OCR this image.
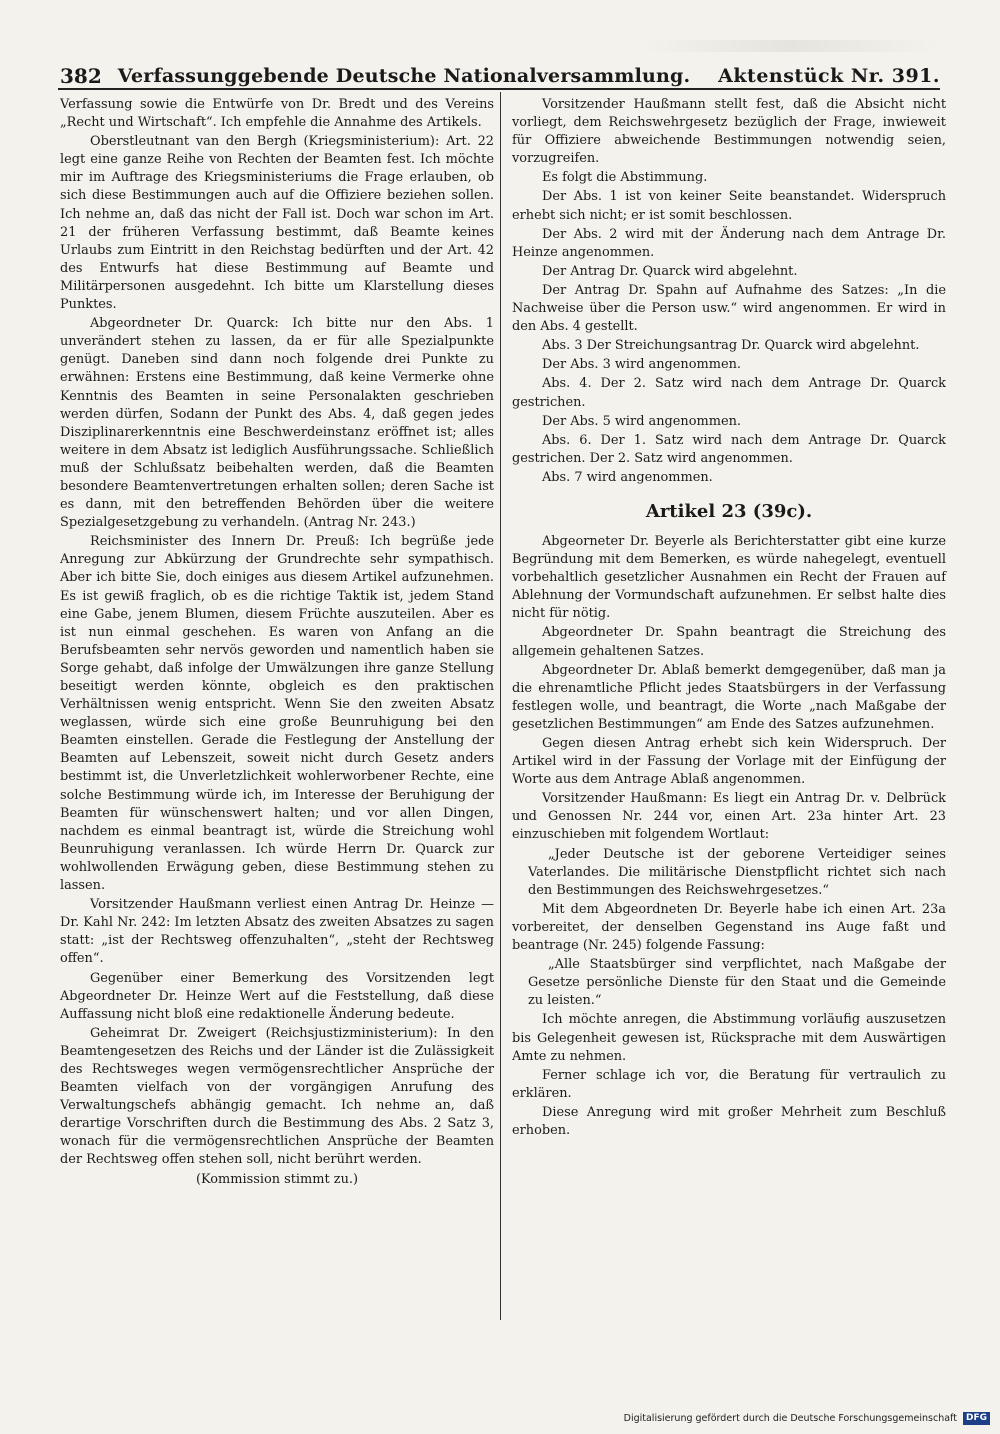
382 Verfassunggebende Deutsche Nationalversammlung. Aktenstück Nr. 391.

Verfassung sowie die Entwürfe von Dr. Bredt und des Vereins „Recht und Wirtschaft“. Ich empfehle die Annahme des Artikels.

Oberstleutnant van den Bergh (Kriegsministerium): Art. 22 legt eine ganze Reihe von Rechten der Beamten fest. Ich möchte mir im Auftrage des Kriegsministeriums die Frage erlauben, ob sich diese Bestimmungen auch auf die Offiziere beziehen sollen. Ich nehme an, daß das nicht der Fall ist. Doch war schon im Art. 21 der früheren Verfassung bestimmt, daß Beamte keines Urlaubs zum Eintritt in den Reichstag bedürften und der Art. 42 des Entwurfs hat diese Bestimmung auf Beamte und Militärpersonen ausgedehnt. Ich bitte um Klarstellung dieses Punktes.

Abgeordneter Dr. Quarck: Ich bitte nur den Abs. 1 unverändert stehen zu lassen, da er für alle Spezialpunkte genügt. Daneben sind dann noch folgende drei Punkte zu erwähnen: Erstens eine Bestimmung, daß keine Vermerke ohne Kenntnis des Beamten in seine Personalakten geschrieben werden dürfen, Sodann der Punkt des Abs. 4, daß gegen jedes Disziplinarerkenntnis eine Beschwerdeinstanz eröffnet ist; alles weitere in dem Absatz ist lediglich Ausführungssache. Schließlich muß der Schlußsatz beibehalten werden, daß die Beamten besondere Beamtenvertretungen erhalten sollen; deren Sache ist es dann, mit den betreffenden Behörden über die weitere Spezialgesetzgebung zu verhandeln. (Antrag Nr. 243.)

Reichsminister des Innern Dr. Preuß: Ich begrüße jede Anregung zur Abkürzung der Grundrechte sehr sympathisch. Aber ich bitte Sie, doch einiges aus diesem Artikel aufzunehmen. Es ist gewiß fraglich, ob es die richtige Taktik ist, jedem Stand eine Gabe, jenem Blumen, diesem Früchte auszuteilen. Aber es ist nun einmal geschehen. Es waren von Anfang an die Berufsbeamten sehr nervös geworden und namentlich haben sie Sorge gehabt, daß infolge der Umwälzungen ihre ganze Stellung beseitigt werden könnte, obgleich es den praktischen Verhältnissen wenig entspricht. Wenn Sie den zweiten Absatz weglassen, würde sich eine große Beunruhigung bei den Beamten einstellen. Gerade die Festlegung der Anstellung der Beamten auf Lebenszeit, soweit nicht durch Gesetz anders bestimmt ist, die Unverletzlichkeit wohlerworbener Rechte, eine solche Bestimmung würde ich, im Interesse der Beruhigung der Beamten für wünschenswert halten; und vor allen Dingen, nachdem es einmal beantragt ist, würde die Streichung wohl Beunruhigung veranlassen. Ich würde Herrn Dr. Quarck zur wohlwollenden Erwägung geben, diese Bestimmung stehen zu lassen.

Vorsitzender Haußmann verliest einen Antrag Dr. Heinze — Dr. Kahl Nr. 242: Im letzten Absatz des zweiten Absatzes zu sagen statt: „ist der Rechtsweg offenzuhalten“, „steht der Rechtsweg offen“.

Gegenüber einer Bemerkung des Vorsitzenden legt Abgeordneter Dr. Heinze Wert auf die Feststellung, daß diese Auffassung nicht bloß eine redaktionelle Änderung bedeute.

Geheimrat Dr. Zweigert (Reichsjustizministerium): In den Beamtengesetzen des Reichs und der Länder ist die Zulässigkeit des Rechtsweges wegen vermögensrechtlicher Ansprüche der Beamten vielfach von der vorgängigen Anrufung des Verwaltungschefs abhängig gemacht. Ich nehme an, daß derartige Vorschriften durch die Bestimmung des Abs. 2 Satz 3, wonach für die vermögensrechtlichen Ansprüche der Beamten der Rechtsweg offen stehen soll, nicht berührt werden.

(Kommission stimmt zu.)

Vorsitzender Haußmann stellt fest, daß die Absicht nicht vorliegt, dem Reichswehrgesetz bezüglich der Frage, inwieweit für Offiziere abweichende Bestimmungen notwendig seien, vorzugreifen.

Es folgt die Abstimmung.

Der Abs. 1 ist von keiner Seite beanstandet. Widerspruch erhebt sich nicht; er ist somit beschlossen.

Der Abs. 2 wird mit der Änderung nach dem Antrage Dr. Heinze angenommen.

Der Antrag Dr. Quarck wird abgelehnt.

Der Antrag Dr. Spahn auf Aufnahme des Satzes: „In die Nachweise über die Person usw.“ wird angenommen. Er wird in den Abs. 4 gestellt.

Abs. 3 Der Streichungsantrag Dr. Quarck wird abgelehnt.

Der Abs. 3 wird angenommen.

Abs. 4. Der 2. Satz wird nach dem Antrage Dr. Quarck gestrichen.

Der Abs. 5 wird angenommen.

Abs. 6. Der 1. Satz wird nach dem Antrage Dr. Quarck gestrichen. Der 2. Satz wird angenommen.

Abs. 7 wird angenommen.

Artikel 23 (39c).

Abgeorneter Dr. Beyerle als Berichterstatter gibt eine kurze Begründung mit dem Bemerken, es würde nahegelegt, eventuell vorbehaltlich gesetzlicher Ausnahmen ein Recht der Frauen auf Ablehnung der Vormundschaft aufzunehmen. Er selbst halte dies nicht für nötig.

Abgeordneter Dr. Spahn beantragt die Streichung des allgemein gehaltenen Satzes.

Abgeordneter Dr. Ablaß bemerkt demgegenüber, daß man ja die ehrenamtliche Pflicht jedes Staatsbürgers in der Verfassung festlegen wolle, und beantragt, die Worte „nach Maßgabe der gesetzlichen Bestimmungen“ am Ende des Satzes aufzunehmen.

Gegen diesen Antrag erhebt sich kein Widerspruch. Der Artikel wird in der Fassung der Vorlage mit der Einfügung der Worte aus dem Antrage Ablaß angenommen.

Vorsitzender Haußmann: Es liegt ein Antrag Dr. v. Delbrück und Genossen Nr. 244 vor, einen Art. 23a hinter Art. 23 einzuschieben mit folgendem Wortlaut:

„Jeder Deutsche ist der geborene Verteidiger seines Vaterlandes. Die militärische Dienstpflicht richtet sich nach den Bestimmungen des Reichswehrgesetzes.“

Mit dem Abgeordneten Dr. Beyerle habe ich einen Art. 23a vorbereitet, der denselben Gegenstand ins Auge faßt und beantrage (Nr. 245) folgende Fassung:

„Alle Staatsbürger sind verpflichtet, nach Maßgabe der Gesetze persönliche Dienste für den Staat und die Gemeinde zu leisten.“

Ich möchte anregen, die Abstimmung vorläufig auszusetzen bis Gelegenheit gewesen ist, Rücksprache mit dem Auswärtigen Amte zu nehmen.

Ferner schlage ich vor, die Beratung für vertraulich zu erklären.

Diese Anregung wird mit großer Mehrheit zum Beschluß erhoben.

Digitalisierung gefördert durch die Deutsche Forschungsgemeinschaft DFG
